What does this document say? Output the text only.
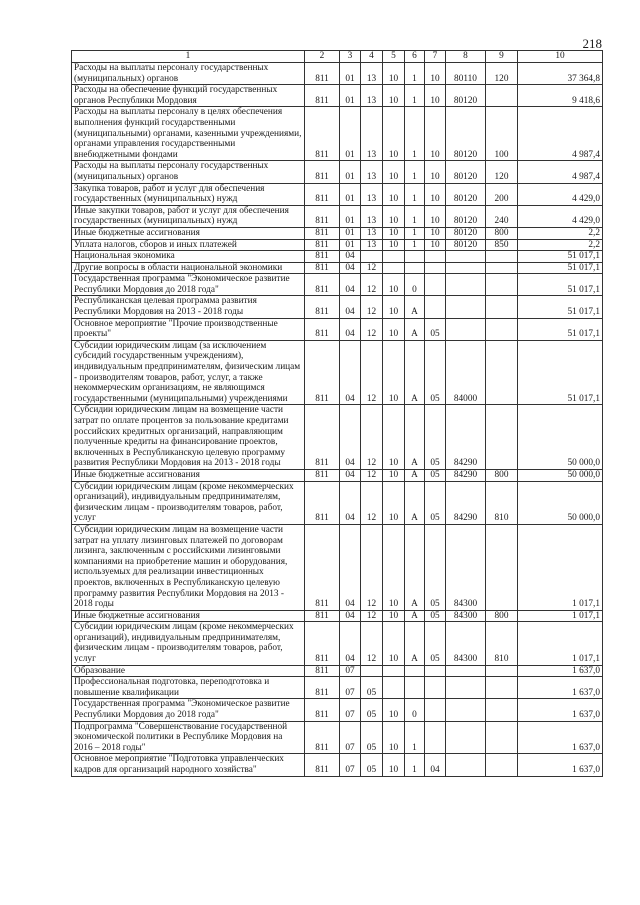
218
1	2	3	4	5	6	7	8	9	10
Расходы на выплаты персоналу государственных (муниципальных) органов	811	01	13	10	1	10	80110	120	37 364,8
Расходы на обеспечение функций государственных органов Республики Мордовия	811	01	13	10	1	10	80120		9 418,6
Расходы на выплаты персоналу в целях обеспечения выполнения функций государственными (муниципальными) органами, казенными учреждениями, органами управления государственными внебюджетными фондами	811	01	13	10	1	10	80120	100	4 987,4
Расходы на выплаты персоналу государственных (муниципальных) органов	811	01	13	10	1	10	80120	120	4 987,4
Закупка товаров, работ и услуг для обеспечения государственных (муниципальных) нужд	811	01	13	10	1	10	80120	200	4 429,0
Иные закупки товаров, работ и услуг для обеспечения государственных (муниципальных) нужд	811	01	13	10	1	10	80120	240	4 429,0
Иные бюджетные ассигнования	811	01	13	10	1	10	80120	800	2,2
Уплата налогов, сборов и иных платежей	811	01	13	10	1	10	80120	850	2,2
Национальная экономика	811	04							51 017,1
Другие вопросы в области национальной экономики	811	04	12						51 017,1
Государственная программа "Экономическое развитие Республики Мордовия до 2018 года"	811	04	12	10	0				51 017,1
Республиканская целевая программа развития Республики Мордовия на 2013 - 2018 годы	811	04	12	10	А				51 017,1
Основное мероприятие "Прочие производственные проекты"	811	04	12	10	А	05			51 017,1
Субсидии юридическим лицам (за исключением субсидий государственным учреждениям), индивидуальным предпринимателям, физическим лицам - производителям товаров, работ, услуг, а также некоммерческим организациям, не являющимся государственными (муниципальными) учреждениями	811	04	12	10	А	05	84000		51 017,1
Субсидии юридическим лицам на возмещение части затрат по оплате процентов за пользование кредитами российских кредитных организаций, направляющим полученные кредиты на финансирование проектов, включенных в Республиканскую целевую программу развития Республики Мордовия на 2013 - 2018 годы	811	04	12	10	А	05	84290		50 000,0
Иные бюджетные ассигнования	811	04	12	10	А	05	84290	800	50 000,0
Субсидии юридическим лицам (кроме некоммерческих организаций), индивидуальным предпринимателям, физическим лицам - производителям товаров, работ, услуг	811	04	12	10	А	05	84290	810	50 000,0
Субсидии юридическим лицам на возмещение части затрат на уплату лизинговых платежей по договорам лизинга, заключенным с российскими лизинговыми компаниями на приобретение машин и оборудования, используемых для реализации инвестиционных проектов, включенных в Республиканскую целевую программу развития Республики Мордовия на 2013 - 2018 годы	811	04	12	10	А	05	84300		1 017,1
Иные бюджетные ассигнования	811	04	12	10	А	05	84300	800	1 017,1
Субсидии юридическим лицам (кроме некоммерческих организаций), индивидуальным предпринимателям, физическим лицам - производителям товаров, работ, услуг	811	04	12	10	А	05	84300	810	1 017,1
Образование	811	07							1 637,0
Профессиональная подготовка, переподготовка и повышение квалификации	811	07	05						1 637,0
Государственная программа "Экономическое развитие Республики Мордовия до 2018 года"	811	07	05	10	0				1 637,0
Подпрограмма "Совершенствование государственной экономической политики в Республике Мордовия на 2016 – 2018 годы"	811	07	05	10	1				1 637,0
Основное мероприятие "Подготовка управленческих кадров для организаций народного хозяйства"	811	07	05	10	1	04			1 637,0
